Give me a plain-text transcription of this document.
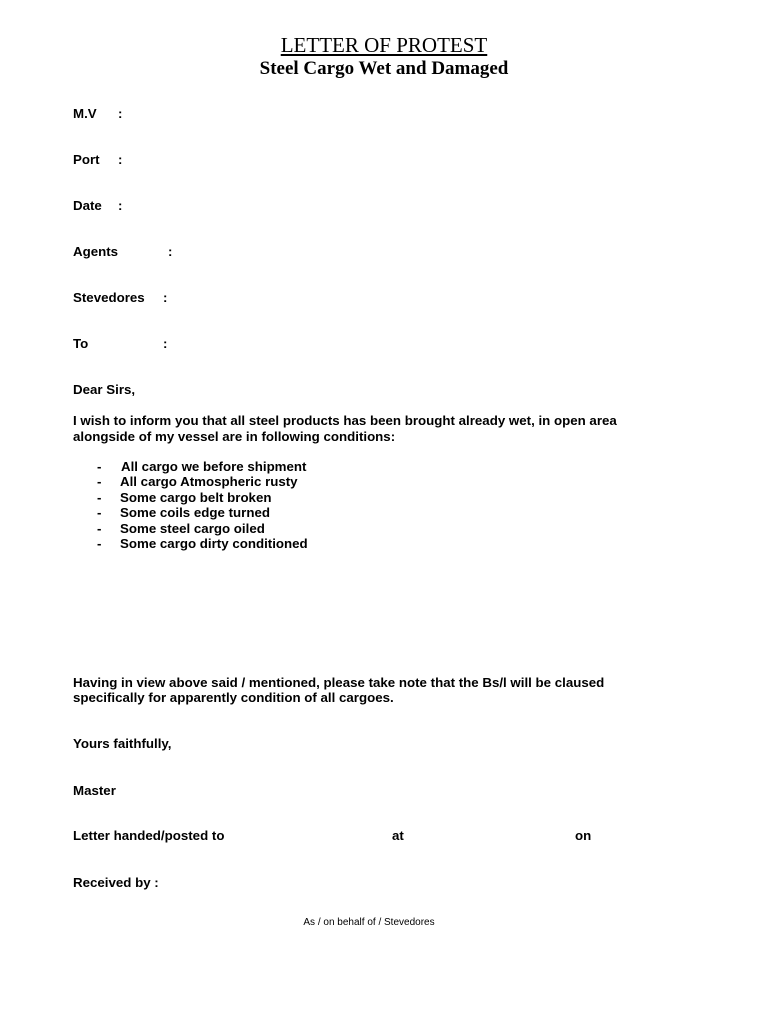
LETTER OF PROTEST
Steel Cargo Wet and Damaged
M.V :
Port :
Date :
Agents	:
Stevedores :
To	:
Dear Sirs,
I wish to inform you that all steel products has been brought already wet, in open area
alongside of my vessel are in following conditions:
- All cargo we before shipment
- All cargo Atmospheric rusty
- Some cargo belt broken
- Some coils edge turned
- Some steel cargo oiled
- Some cargo dirty conditioned
Having in view above said / mentioned, please take note that the Bs/l will be claused
specifically for apparently condition of all cargoes.
Yours faithfully,
Master
Letter handed/posted to	at	on
Received by :
As / on behalf of / Stevedores
